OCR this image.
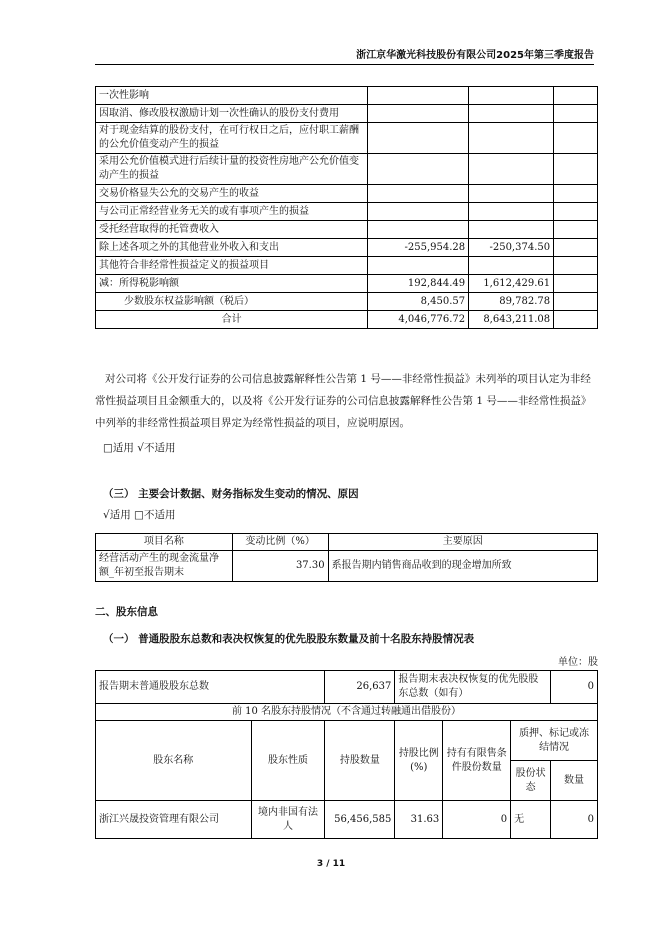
浙江京华激光科技股份有限公司2025年第三季度报告
一次性影响			
因取消、修改股权激励计划一次性确认的股份支付费用			
对于现金结算的股份支付，在可行权日之后，应付职工薪酬的公允价值变动产生的损益			
采用公允价值模式进行后续计量的投资性房地产公允价值变动产生的损益			
交易价格显失公允的交易产生的收益			
与公司正常经营业务无关的或有事项产生的损益			
受托经营取得的托管费收入			
除上述各项之外的其他营业外收入和支出	-255,954.28	-250,374.50	
其他符合非经常性损益定义的损益项目			
减：所得税影响额	192,844.49	1,612,429.61	
少数股东权益影响额（税后）	8,450.57	89,782.78	
合计	4,046,776.72	8,643,211.08	
对公司将《公开发行证券的公司信息披露解释性公告第 1 号——非经常性损益》未列举的项目认定为非经常性损益项目且金额重大的，以及将《公开发行证券的公司信息披露解释性公告第 1 号——非经常性损益》中列举的非经常性损益项目界定为经常性损益的项目，应说明原因。
□适用 √不适用
（三） 主要会计数据、财务指标发生变动的情况、原因
√适用 □不适用
项目名称	变动比例（%）	主要原因
经营活动产生的现金流量净额_年初至报告期末	37.30	系报告期内销售商品收到的现金增加所致
二、股东信息
（一） 普通股股东总数和表决权恢复的优先股股东数量及前十名股东持股情况表
单位：股
报告期末普通股股东总数		26,637	报告期末表决权恢复的优先股股东总数（如有）			0
前 10 名股东持股情况（不含通过转融通出借股份）						
股东名称	股东性质	持股数量	持股比例(%)	持有有限售条件股份数量	质押、标记或冻结情况	
					股份状态	数量
浙江兴晟投资管理有限公司	境内非国有法人	56,456,585	31.63	0	无	0
3 / 11
